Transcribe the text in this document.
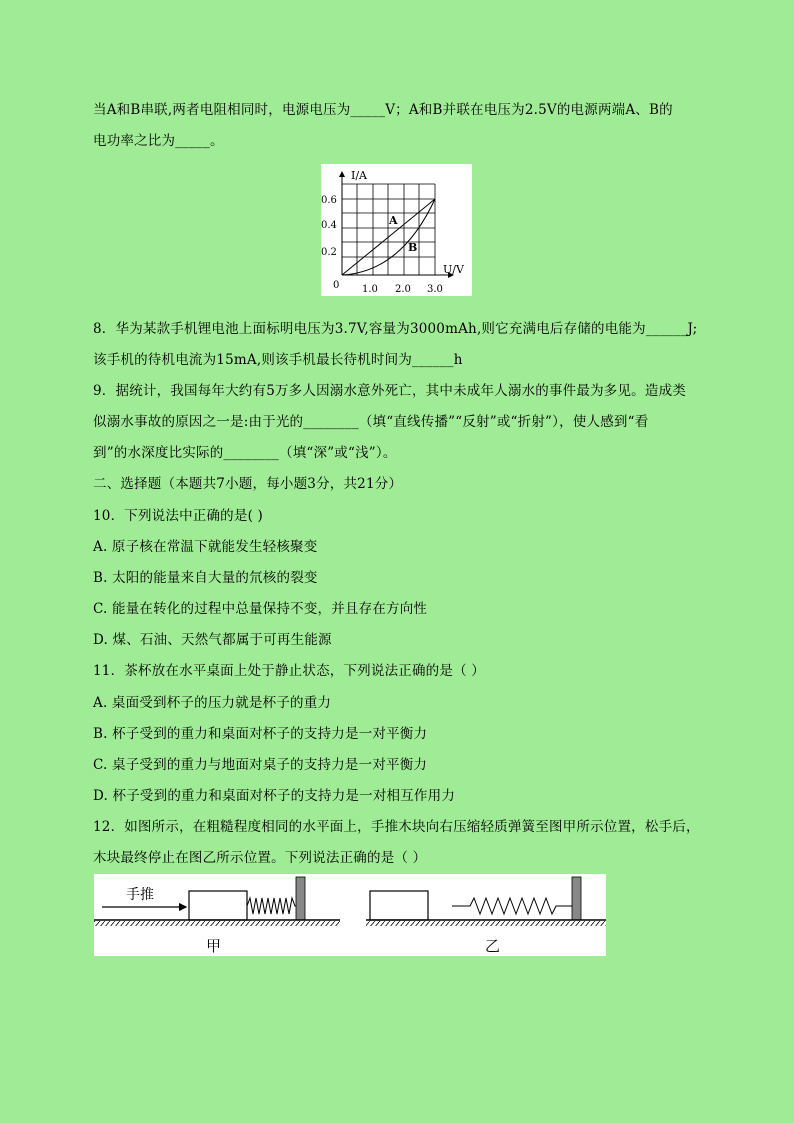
当A和B串联,两者电阻相同时，电源电压为_____V；A和B并联在电压为2.5V的电源两端A、B的
电功率之比为_____。
I/A
U/V
0.6
0.4
0.2
0 1.0 2.0 3.0
A
B
8．华为某款手机锂电池上面标明电压为3.7V,容量为3000mAh,则它充满电后存储的电能为______J;
该手机的待机电流为15mA,则该手机最长待机时间为______h
9．据统计，我国每年大约有5万多人因溺水意外死亡，其中未成年人溺水的事件最为多见。造成类
似溺水事故的原因之一是:由于光的________（填“直线传播”“反射”或“折射”），使人感到“看
到”的水深度比实际的________（填“深”或“浅”）。
二、选择题（本题共7小题，每小题3分，共21分）
10．下列说法中正确的是( )
A. 原子核在常温下就能发生轻核聚变
B. 太阳的能量来自大量的氘核的裂变
C. 能量在转化的过程中总量保持不变，并且存在方向性
D. 煤、石油、天然气都属于可再生能源
11．茶杯放在水平桌面上处于静止状态，下列说法正确的是（ ）
A. 桌面受到杯子的压力就是杯子的重力
B. 杯子受到的重力和桌面对杯子的支持力是一对平衡力
C. 桌子受到的重力与地面对桌子的支持力是一对平衡力
D. 杯子受到的重力和桌面对杯子的支持力是一对相互作用力
12．如图所示，在粗糙程度相同的水平面上，手推木块向右压缩轻质弹簧至图甲所示位置，松手后，
木块最终停止在图乙所示位置。下列说法正确的是（ ）
手推
甲	乙
